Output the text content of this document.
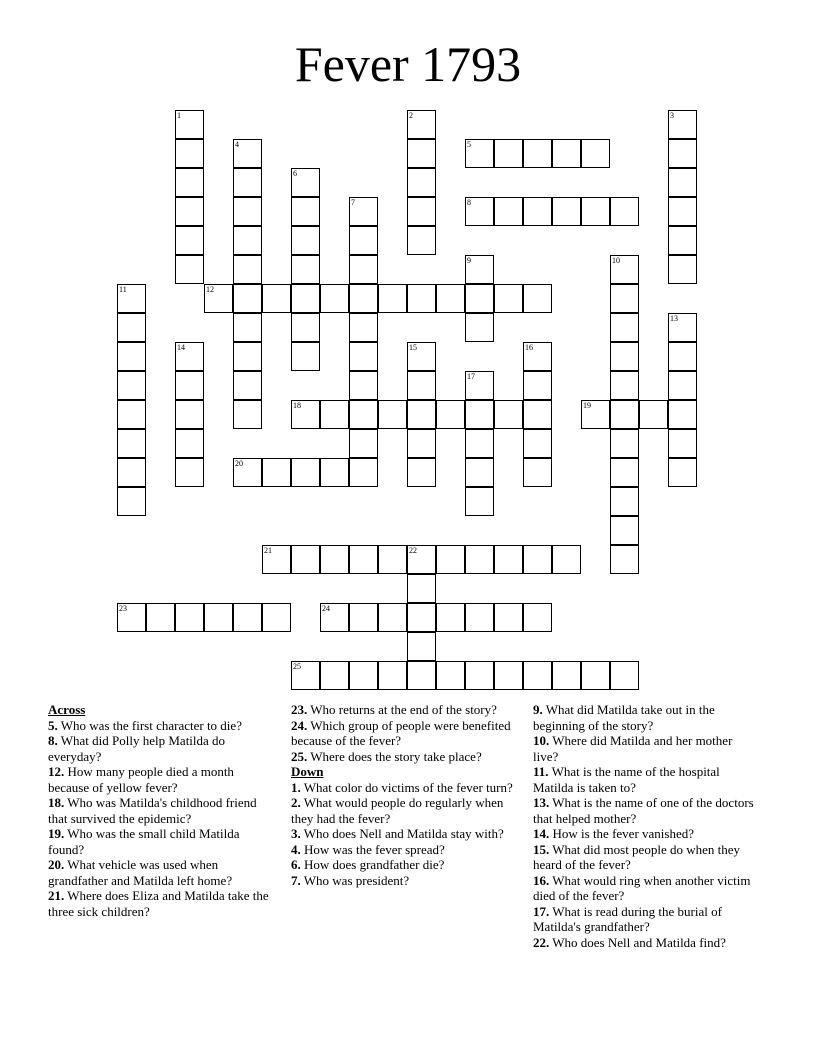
Fever 1793
1	2	3
4	5
6
7	8
9	10
11	12
13
14	15	16
17
18	19
20
21	22
23	24
25
Across
5. Who was the first character to die?
8. What did Polly help Matilda do everyday?
12. How many people died a month because of yellow fever?
18. Who was Matilda's childhood friend that survived the epidemic?
19. Who was the small child Matilda found?
20. What vehicle was used when grandfather and Matilda left home?
21. Where does Eliza and Matilda take the three sick children?
23. Who returns at the end of the story?
24. Which group of people were benefited because of the fever?
25. Where does the story take place?
Down
1. What color do victims of the fever turn?
2. What would people do regularly when they had the fever?
3. Who does Nell and Matilda stay with?
4. How was the fever spread?
6. How does grandfather die?
7. Who was president?
9. What did Matilda take out in the beginning of the story?
10. Where did Matilda and her mother live?
11. What is the name of the hospital Matilda is taken to?
13. What is the name of one of the doctors that helped mother?
14. How is the fever vanished?
15. What did most people do when they heard of the fever?
16. What would ring when another victim died of the fever?
17. What is read during the burial of Matilda's grandfather?
22. Who does Nell and Matilda find?
